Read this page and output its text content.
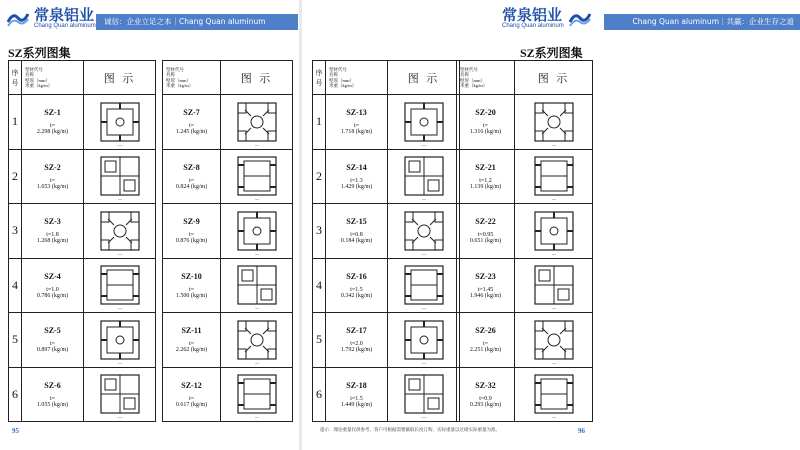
常泉铝业
Chang Quan aluminum	诚信：企业立足之本｜Chang Quan aluminum	Chang Quan aluminum｜共赢：企业生存之道
常泉铝业
Chang Quan aluminum
SZ系列图集	SZ系列图集
序号	型材代号
名称
壁厚（mm）
米重（kg/m）	图 示
1	SZ-1
t=
2.298 (kg/m)	—

2	SZ-2
t=
1.653 (kg/m)	—

3	SZ-3
t=1.8
1.268 (kg/m)	—

4	SZ-4
t=1.0
0.786 (kg/m)	—

5	SZ-5
t=
0.897 (kg/m)	—

6	SZ-6
t=
1.055 (kg/m)	—
型材代号
名称
壁厚（mm）
米重（kg/m）	图 示

SZ-7
t=
1.245 (kg/m)	—

SZ-8
t=
0.824 (kg/m)	—

SZ-9
t=
0.876 (kg/m)	—

SZ-10
t=
1.500 (kg/m)	—

SZ-11
t=
2.262 (kg/m)	—

SZ-12
t=
0.617 (kg/m)	—
序号	型材代号
名称
壁厚（mm）
米重（kg/m）	图 示
1	SZ-13
t=
1.718 (kg/m)	—

2	SZ-14
t=1.3
1.429 (kg/m)	—

3	SZ-15
t=0.8
0.184 (kg/m)	—

4	SZ-16
t=1.5
0.342 (kg/m)	—

5	SZ-17
t=2.0
1.792 (kg/m)	—

6	SZ-18
t=1.5
1.449 (kg/m)	—
型材代号
名称
壁厚（mm）
米重（kg/m）	图 示

SZ-20
t=
1.316 (kg/m)	—

SZ-21
t=1.2
1.139 (kg/m)	—

SZ-22
t=0.95
0.651 (kg/m)	—

SZ-23
t=1.45
1.946 (kg/m)	—

SZ-26
t=
2.251 (kg/m)	—

SZ-32
t=0.9
0.293 (kg/m)	—
95	提示：理论重量仅供参考，客户可根据需要截取长度订购，实际重量以过磅实际重量为准。	96
